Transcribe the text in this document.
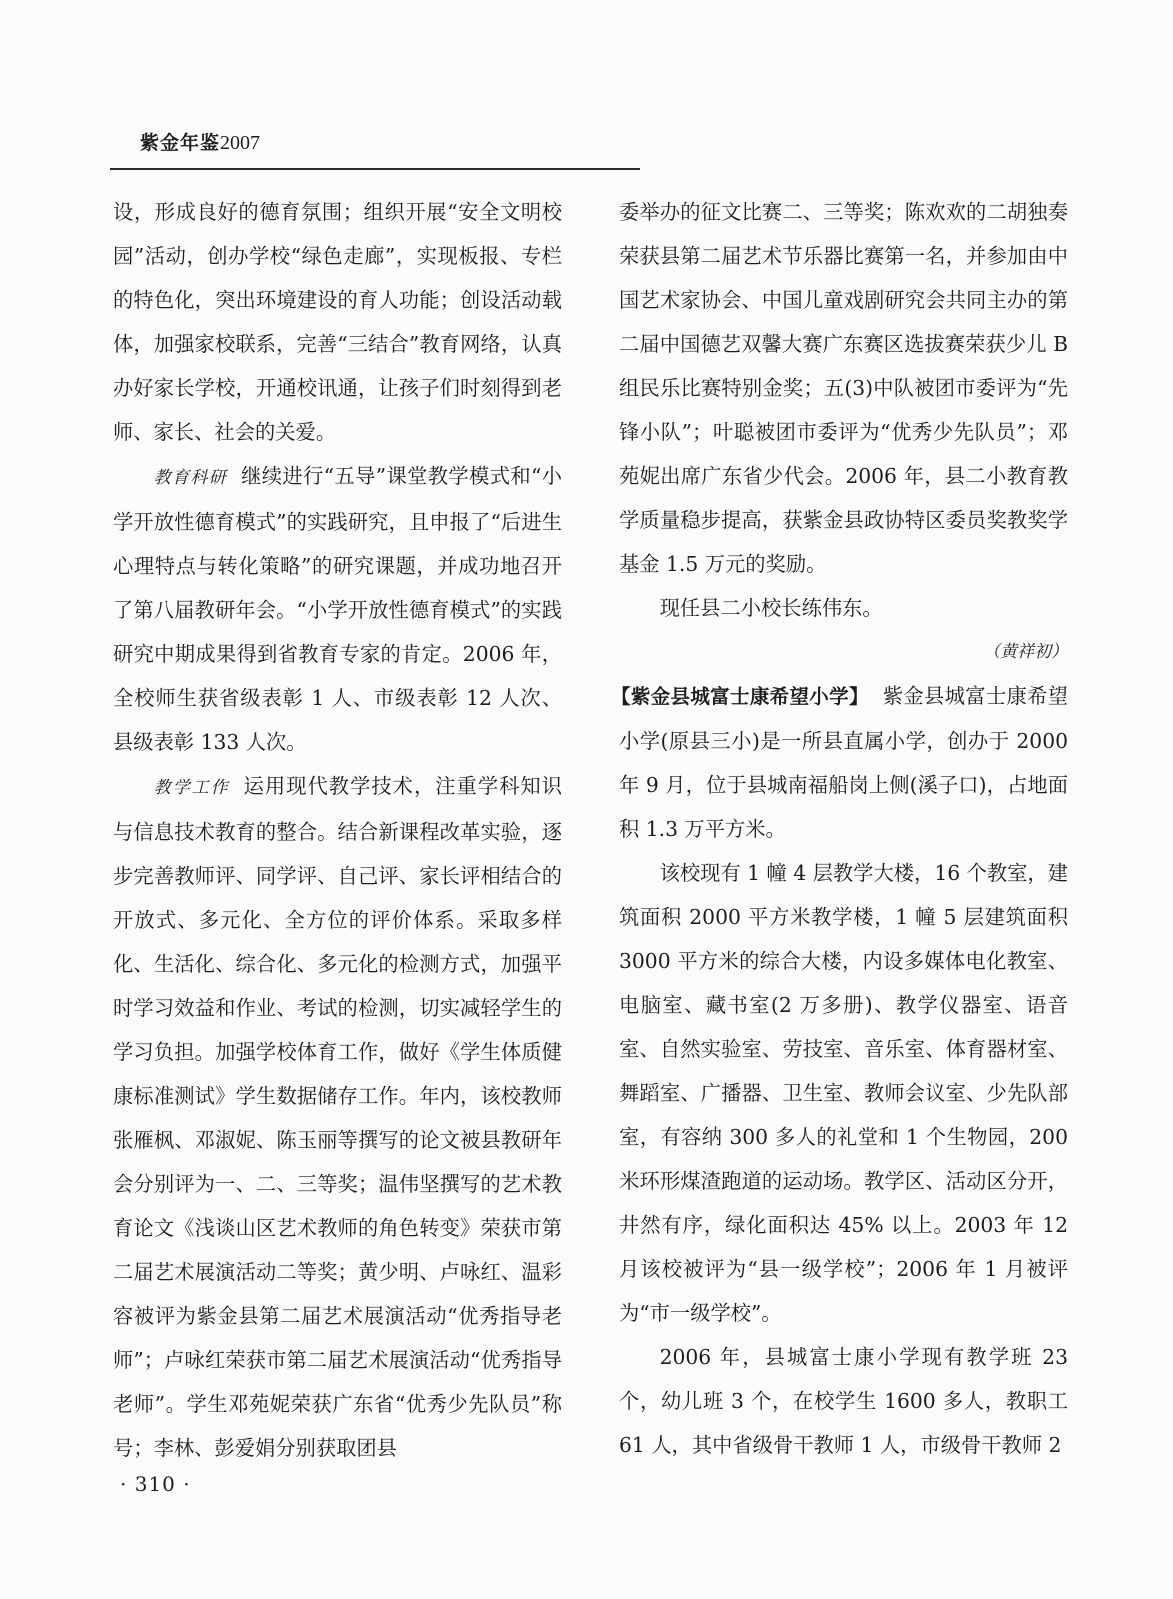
紫金年鉴2007

设，形成良好的德育氛围；组织开展“安全文明校园”活动，创办学校“绿色走廊”，实现板报、专栏的特色化，突出环境建设的育人功能；创设活动载体，加强家校联系，完善“三结合”教育网络，认真办好家长学校，开通校讯通，让孩子们时刻得到老师、家长、社会的关爱。

教育科研 继续进行“五导”课堂教学模式和“小学开放性德育模式”的实践研究，且申报了“后进生心理特点与转化策略”的研究课题，并成功地召开了第八届教研年会。“小学开放性德育模式”的实践研究中期成果得到省教育专家的肯定。2006 年，全校师生获省级表彰 1 人、市级表彰 12 人次、县级表彰 133 人次。

教学工作 运用现代教学技术，注重学科知识与信息技术教育的整合。结合新课程改革实验，逐步完善教师评、同学评、自己评、家长评相结合的开放式、多元化、全方位的评价体系。采取多样化、生活化、综合化、多元化的检测方式，加强平时学习效益和作业、考试的检测，切实减轻学生的学习负担。加强学校体育工作，做好《学生体质健康标准测试》学生数据储存工作。年内，该校教师张雁枫、邓淑妮、陈玉丽等撰写的论文被县教研年会分别评为一、二、三等奖；温伟坚撰写的艺术教育论文《浅谈山区艺术教师的角色转变》荣获市第二届艺术展演活动二等奖；黄少明、卢咏红、温彩容被评为紫金县第二届艺术展演活动“优秀指导老师”；卢咏红荣获市第二届艺术展演活动“优秀指导老师”。学生邓苑妮荣获广东省“优秀少先队员”称号；李林、彭爱娟分别获取团县

委举办的征文比赛二、三等奖；陈欢欢的二胡独奏荣获县第二届艺术节乐器比赛第一名，并参加由中国艺术家协会、中国儿童戏剧研究会共同主办的第二届中国德艺双馨大赛广东赛区选拔赛荣获少儿 B 组民乐比赛特别金奖；五(3)中队被团市委评为“先锋小队”；叶聪被团市委评为“优秀少先队员”；邓苑妮出席广东省少代会。2006 年，县二小教育教学质量稳步提高，获紫金县政协特区委员奖教奖学基金 1.5 万元的奖励。

现任县二小校长练伟东。

（黄祥初）

【紫金县城富士康希望小学】 紫金县城富士康希望小学(原县三小)是一所县直属小学，创办于 2000 年 9 月，位于县城南福船岗上侧(溪子口)，占地面积 1.3 万平方米。

该校现有 1 幢 4 层教学大楼，16 个教室，建筑面积 2000 平方米教学楼，1 幢 5 层建筑面积 3000 平方米的综合大楼，内设多媒体电化教室、电脑室、藏书室(2 万多册)、教学仪器室、语音室、自然实验室、劳技室、音乐室、体育器材室、舞蹈室、广播器、卫生室、教师会议室、少先队部室，有容纳 300 多人的礼堂和 1 个生物园，200 米环形煤渣跑道的运动场。教学区、活动区分开，井然有序，绿化面积达 45% 以上。2003 年 12 月该校被评为“县一级学校”；2006 年 1 月被评为“市一级学校”。

2006 年，县城富士康小学现有教学班 23 个，幼儿班 3 个，在校学生 1600 多人，教职工 61 人，其中省级骨干教师 1 人，市级骨干教师 2

· 310 ·
